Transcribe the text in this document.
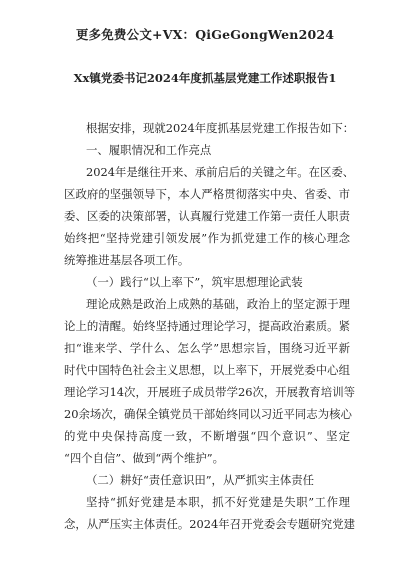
更多免费公文+VX：QiGeGongWen2024
Xx镇党委书记2024年度抓基层党建工作述职报告1
根据安排，现就2024年度抓基层党建工作报告如下：
一、履职情况和工作亮点
2024年是继往开来、承前启后的关键之年。在区委、
区政府的坚强领导下，本人严格贯彻落实中央、省委、市
委、区委的决策部署，认真履行党建工作第一责任人职责
始终把“坚持党建引领发展”作为抓党建工作的核心理念
统筹推进基层各项工作。
（一）践行“以上率下”，筑牢思想理论武装
理论成熟是政治上成熟的基础，政治上的坚定源于理
论上的清醒。始终坚持通过理论学习，提高政治素质。紧
扣“谁来学、学什么、怎么学”思想宗旨，围绕习近平新
时代中国特色社会主义思想，以上率下，开展党委中心组
理论学习14次，开展班子成员带学26次，开展教育培训等
20余场次，确保全镇党员干部始终同以习近平同志为核心
的党中央保持高度一致，不断增强“四个意识”、坚定
“四个自信”、做到“两个维护”。
（二）耕好“责任意识田”，从严抓实主体责任
坚持“抓好党建是本职，抓不好党建是失职”工作理
念，从严压实主体责任。2024年召开党委会专题研究党建
